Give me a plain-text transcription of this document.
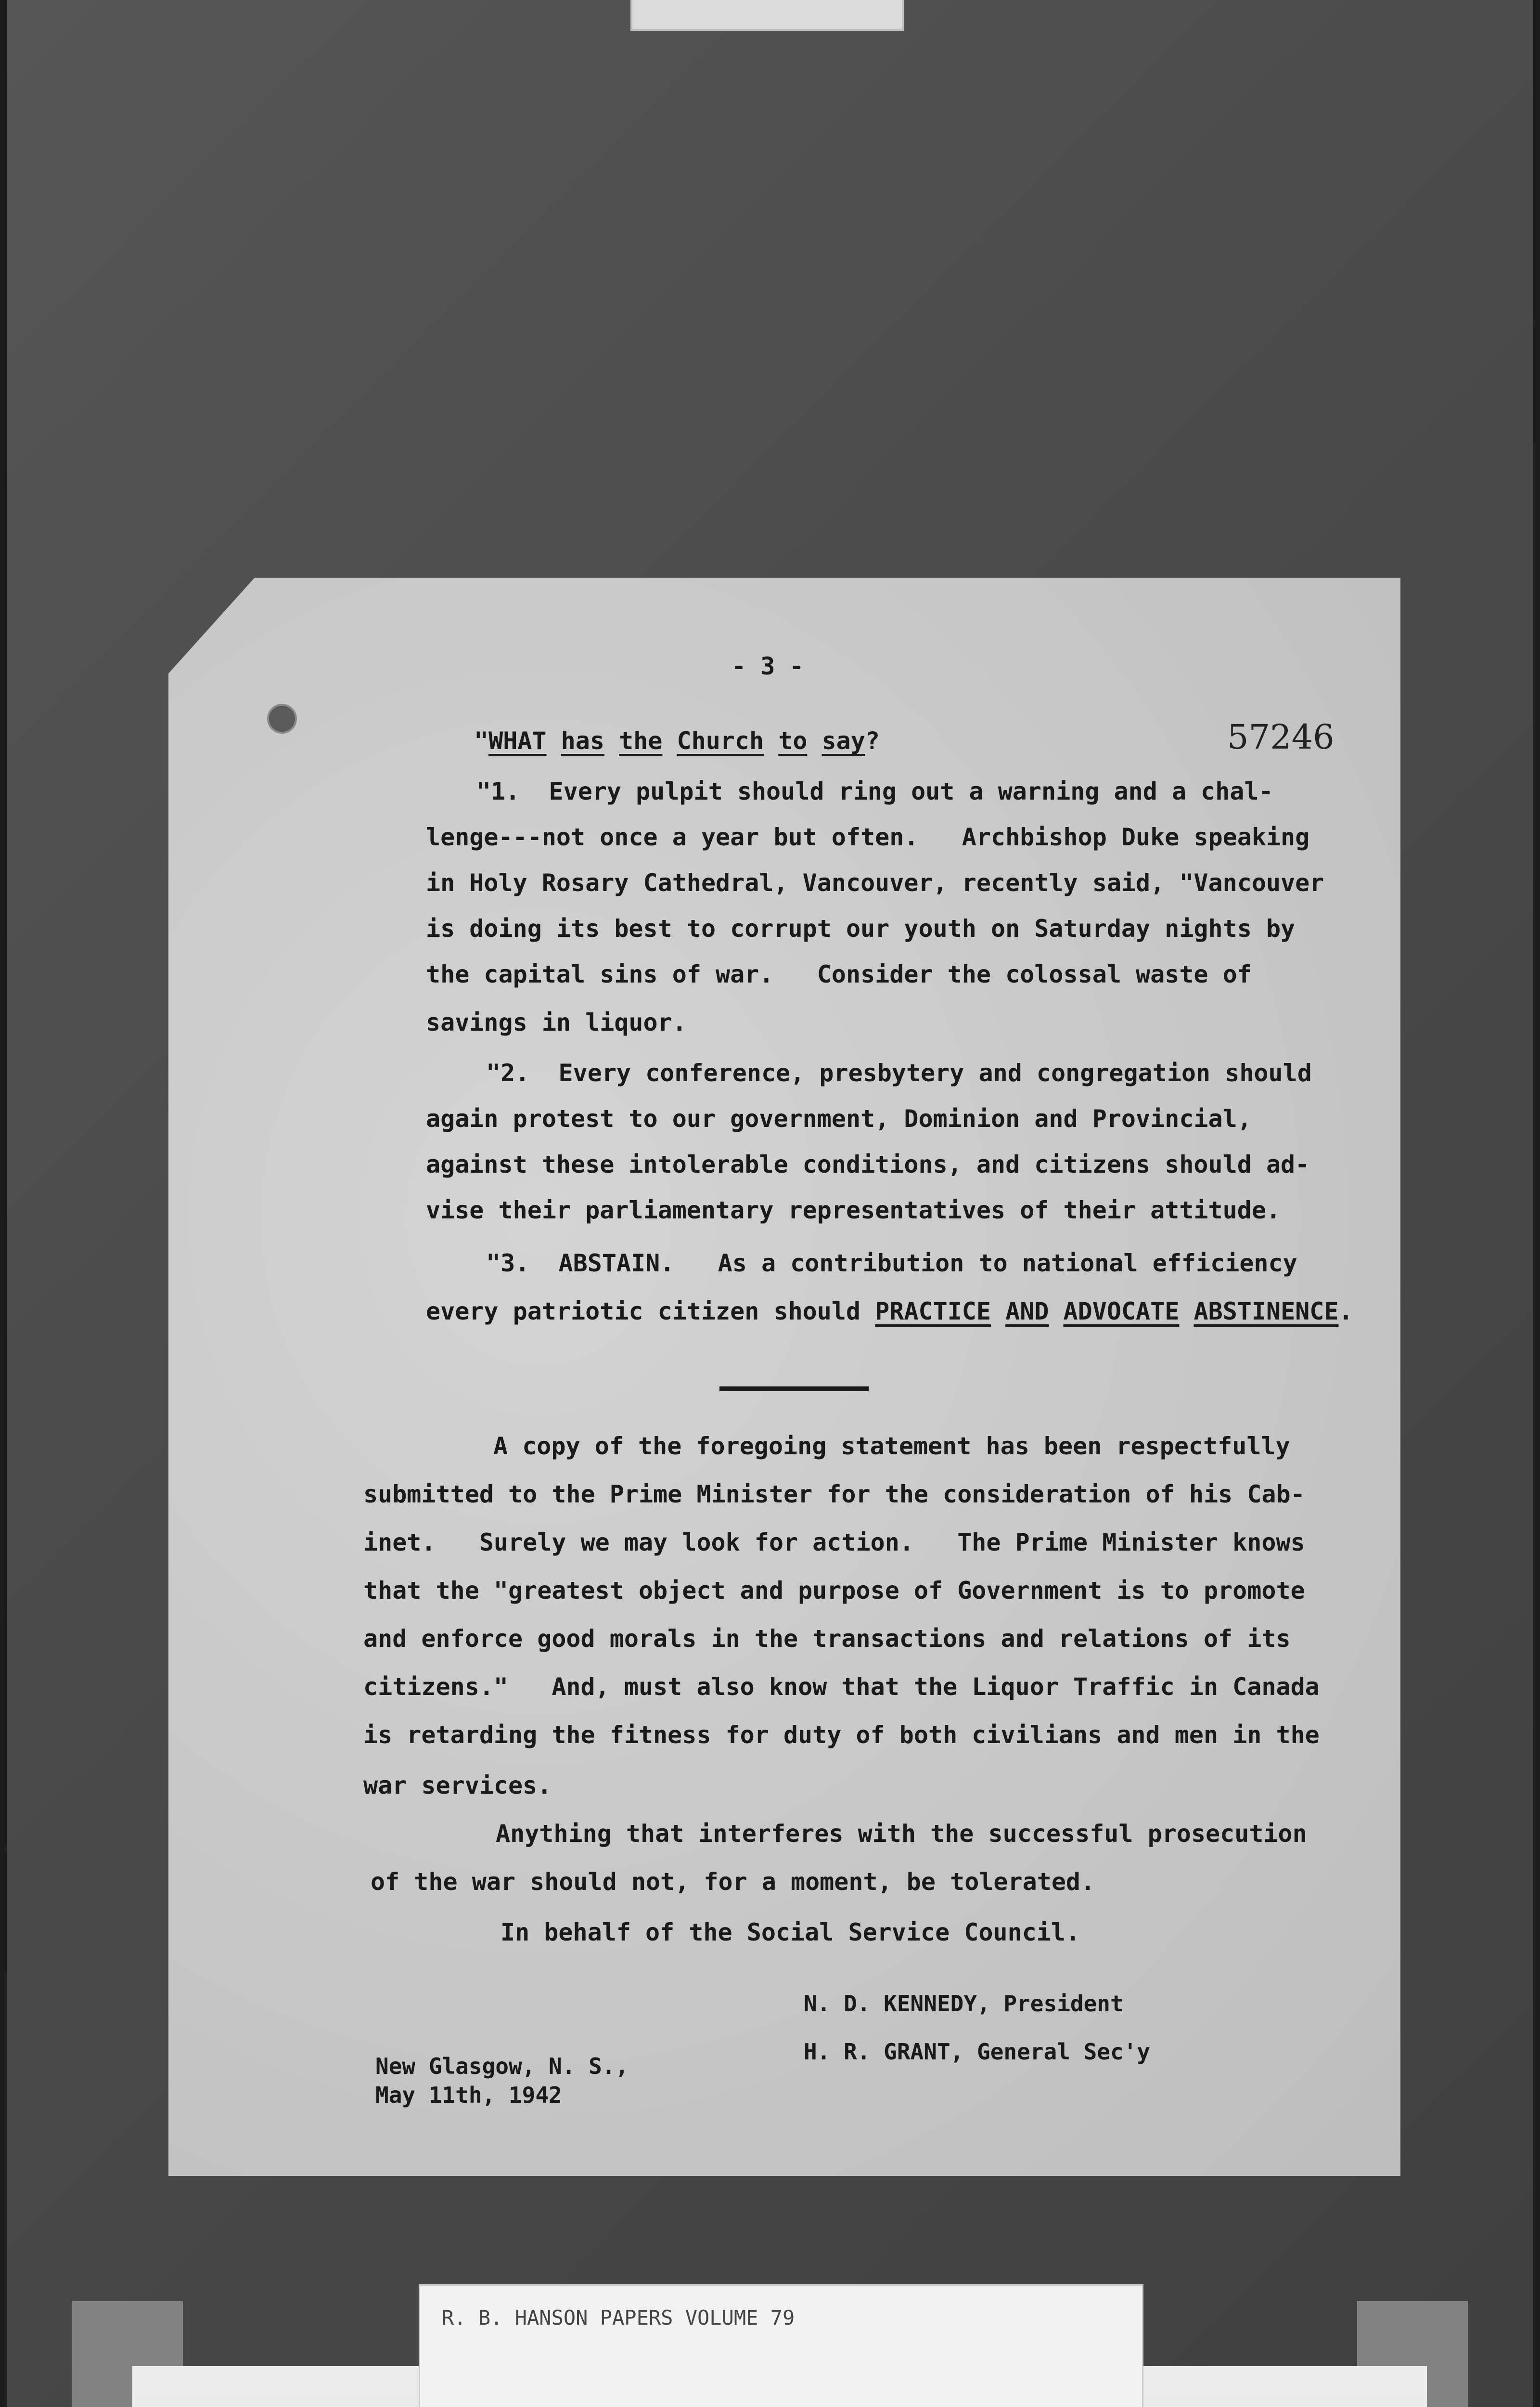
- 3 -
57246
"WHAT has the Church to say?
"1.  Every pulpit should ring out a warning and a chal-
lenge---not once a year but often.   Archbishop Duke speaking
in Holy Rosary Cathedral, Vancouver, recently said, "Vancouver
is doing its best to corrupt our youth on Saturday nights by
the capital sins of war.   Consider the colossal waste of
savings in liquor.
"2.  Every conference, presbytery and congregation should
again protest to our government, Dominion and Provincial,
against these intolerable conditions, and citizens should ad-
vise their parliamentary representatives of their attitude.
"3.  ABSTAIN.   As a contribution to national efficiency
every patriotic citizen should PRACTICE AND ADVOCATE ABSTINENCE.
A copy of the foregoing statement has been respectfully
submitted to the Prime Minister for the consideration of his Cab-
inet.   Surely we may look for action.   The Prime Minister knows
that the "greatest object and purpose of Government is to promote
and enforce good morals in the transactions and relations of its
citizens."   And, must also know that the Liquor Traffic in Canada
is retarding the fitness for duty of both civilians and men in the
war services.
Anything that interferes with the successful prosecution
of the war should not, for a moment, be tolerated.
In behalf of the Social Service Council.
N. D. KENNEDY, President
H. R. GRANT, General Sec'y
New Glasgow, N. S.,
May 11th, 1942
R. B. HANSON PAPERS VOLUME 79
